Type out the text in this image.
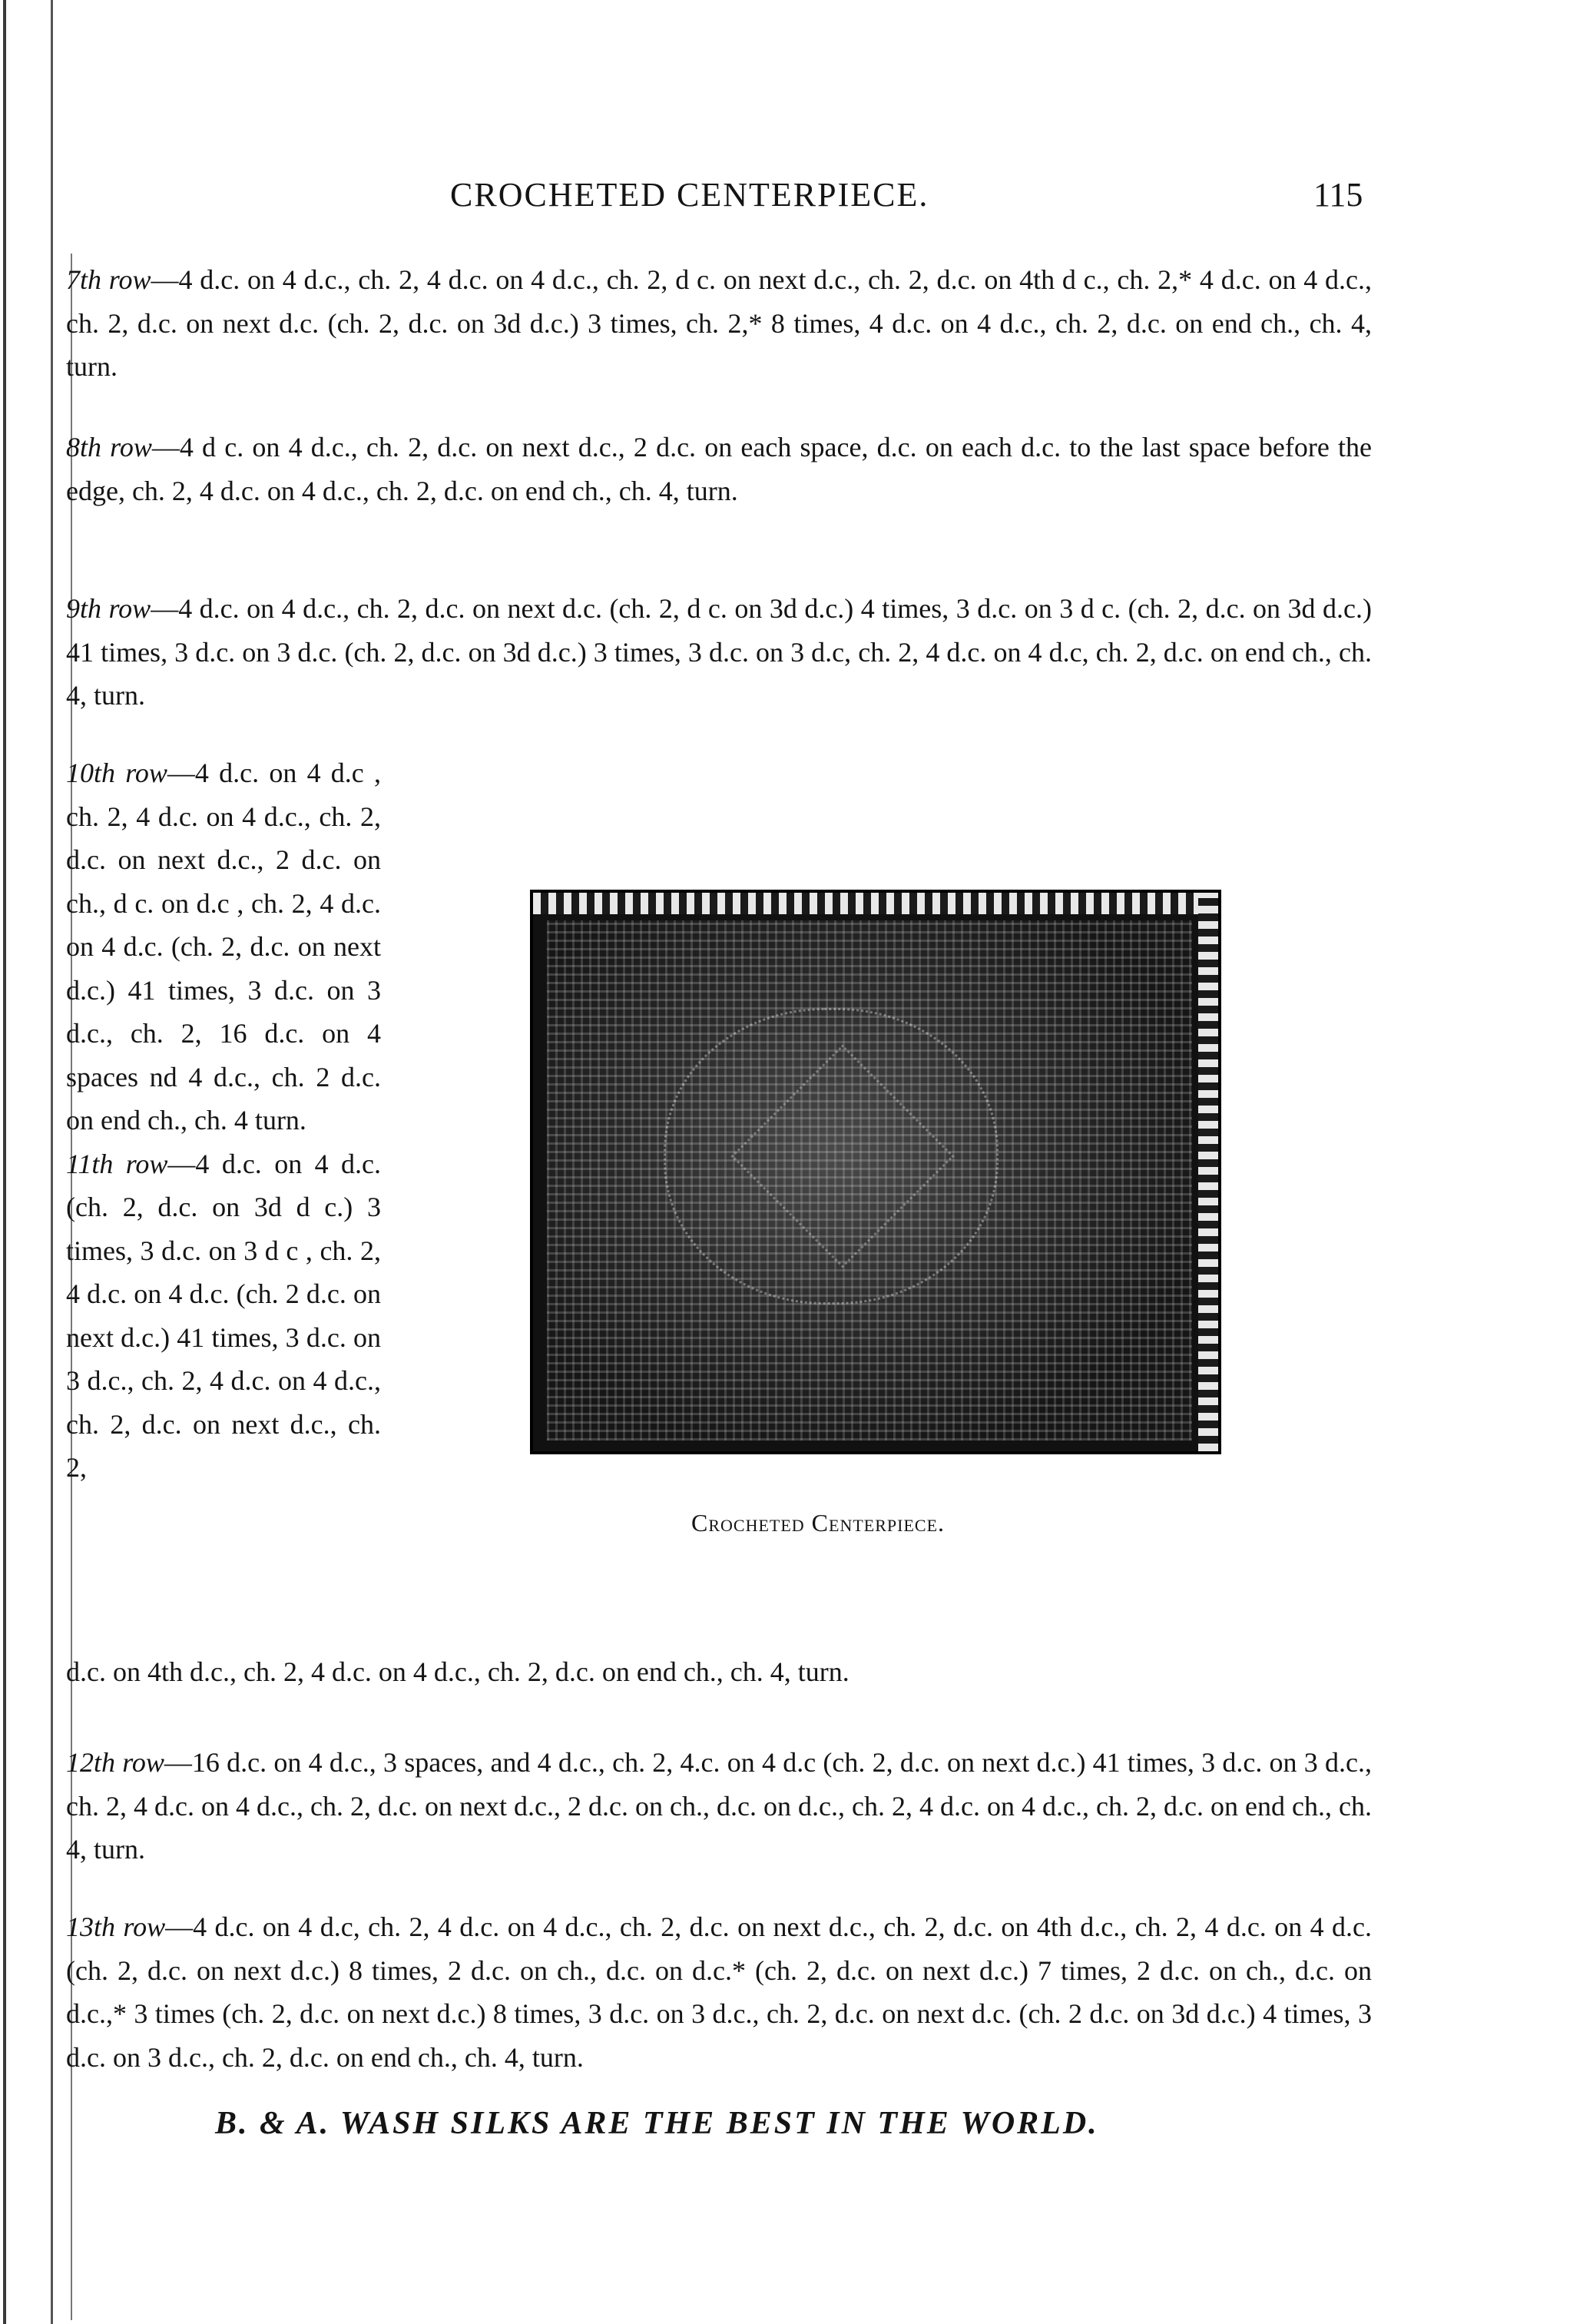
CROCHETED CENTERPIECE.	115

7th row—4 d.c. on 4 d.c., ch. 2, 4 d.c. on 4 d.c., ch. 2, d c. on next d.c., ch. 2, d.c. on 4th d c., ch. 2,* 4 d.c. on 4 d.c., ch. 2, d.c. on next d.c. (ch. 2, d.c. on 3d d.c.) 3 times, ch. 2,* 8 times, 4 d.c. on 4 d.c., ch. 2, d.c. on end ch., ch. 4, turn.

8th row—4 d c. on 4 d.c., ch. 2, d.c. on next d.c., 2 d.c. on each space, d.c. on each d.c. to the last space before the edge, ch. 2, 4 d.c. on 4 d.c., ch. 2, d.c. on end ch., ch. 4, turn.

9th row—4 d.c. on 4 d.c., ch. 2, d.c. on next d.c. (ch. 2, d c. on 3d d.c.) 4 times, 3 d.c. on 3 d c. (ch. 2, d.c. on 3d d.c.) 41 times, 3 d.c. on 3 d.c. (ch. 2, d.c. on 3d d.c.) 3 times, 3 d.c. on 3 d.c, ch. 2, 4 d.c. on 4 d.c, ch. 2, d.c. on end ch., ch. 4, turn.

10th row—4 d.c. on 4 d.c , ch. 2, 4 d.c. on 4 d.c., ch. 2, d.c. on next d.c., 2 d.c. on ch., d c. on d.c , ch. 2, 4 d.c. on 4 d.c. (ch. 2, d.c. on next d.c.) 41 times, 3 d.c. on 3 d.c., ch. 2, 16 d.c. on 4 spaces nd 4 d.c., ch. 2 d.c. on end ch., ch. 4 turn.
11th row—4 d.c. on 4 d.c. (ch. 2, d.c. on 3d d c.) 3 times, 3 d.c. on 3 d c , ch. 2, 4 d.c. on 4 d.c. (ch. 2 d.c. on next d.c.) 41 times, 3 d.c. on 3 d.c., ch. 2, 4 d.c. on 4 d.c., ch. 2, d.c. on next d.c., ch. 2,

d.c. on 4th d.c., ch. 2, 4 d.c. on 4 d.c., ch. 2, d.c. on end ch., ch. 4, turn.

Crocheted Centerpiece.

12th row—16 d.c. on 4 d.c., 3 spaces, and 4 d.c., ch. 2, 4.c. on 4 d.c (ch. 2, d.c. on next d.c.) 41 times, 3 d.c. on 3 d.c., ch. 2, 4 d.c. on 4 d.c., ch. 2, d.c. on next d.c., 2 d.c. on ch., d.c. on d.c., ch. 2, 4 d.c. on 4 d.c., ch. 2, d.c. on end ch., ch. 4, turn.

13th row—4 d.c. on 4 d.c, ch. 2, 4 d.c. on 4 d.c., ch. 2, d.c. on next d.c., ch. 2, d.c. on 4th d.c., ch. 2, 4 d.c. on 4 d.c. (ch. 2, d.c. on next d.c.) 8 times, 2 d.c. on ch., d.c. on d.c.* (ch. 2, d.c. on next d.c.) 7 times, 2 d.c. on ch., d.c. on d.c.,* 3 times (ch. 2, d.c. on next d.c.) 8 times, 3 d.c. on 3 d.c., ch. 2, d.c. on next d.c. (ch. 2 d.c. on 3d d.c.) 4 times, 3 d.c. on 3 d.c., ch. 2, d.c. on end ch., ch. 4, turn.

B. & A. WASH SILKS ARE THE BEST IN THE WORLD.
